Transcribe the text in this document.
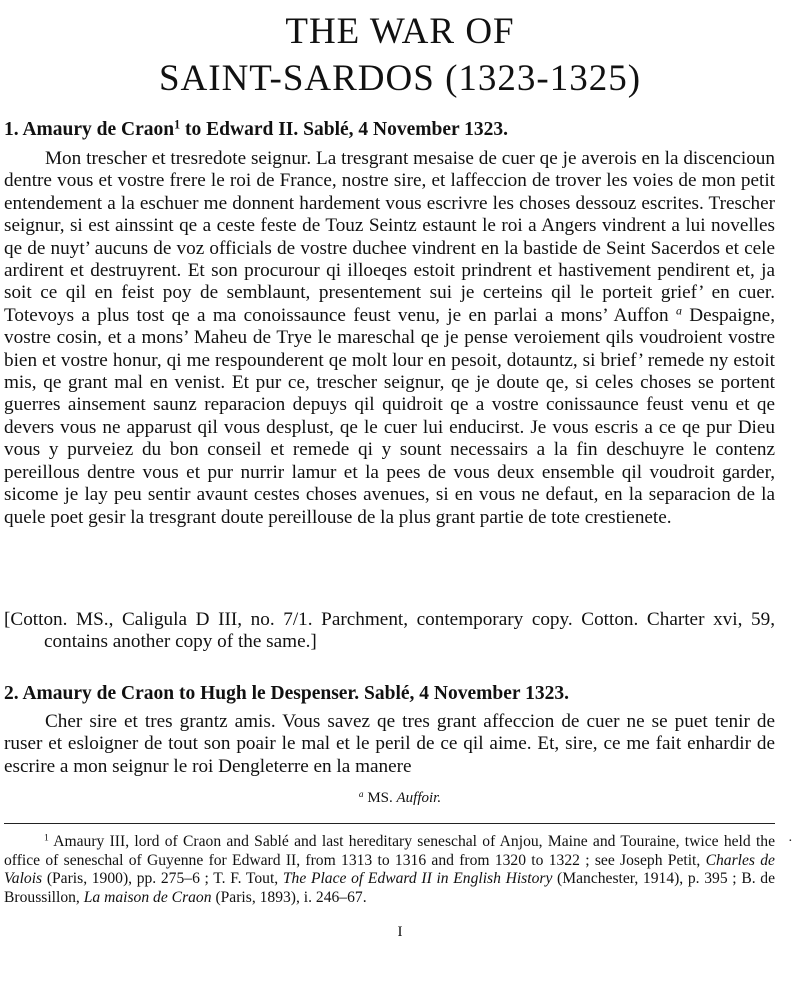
THE WAR OF
SAINT-SARDOS (1323-1325)
1. Amaury de Craon$^1$ to Edward II. Sablé, 4 November 1323.
Mon trescher et tresredote seignur. La tresgrant mesaise de cuer qe je averois en la discencioun dentre vous et vostre frere le roi de France, nostre sire, et laffeccion de trover les voies de mon petit entendement a la eschuer me donnent hardement vous escrivre les choses dessouz escrites. Trescher seignur, si est ainssint qe a ceste feste de Touz Seintz estaunt le roi a Angers vindrent a lui novelles qe de nuyt’ aucuns de voz officials de vostre duchee vindrent en la bastide de Seint Sacerdos et cele ardirent et destruyrent. Et son procurour qi illoeqes estoit prindrent et hastivement pendirent et, ja soit ce qil en feist poy de semblaunt, presentement sui je certeins qil le porteit grief’ en cuer. Totevoys a plus tost qe a ma conoissaunce feust venu, je en parlai a mons’ Auffon $^a$ Despaigne, vostre cosin, et a mons’ Maheu de Trye le mareschal qe je pense veroiement qils voudroient vostre bien et vostre honur, qi me respounderent qe molt lour en pesoit, dotauntz, si brief’ remede ny estoit mis, qe grant mal en venist. Et pur ce, trescher seignur, qe je doute qe, si celes choses se portent guerres ainsement saunz reparacion depuys qil quidroit qe a vostre conissaunce feust venu et qe devers vous ne apparust qil vous desplust, qe le cuer lui enducirst. Je vous escris a ce qe pur Dieu vous y purveiez du bon conseil et remede qi y sount necessairs a la fin deschuyre le contenz pereillous dentre vous et pur nurrir lamur et la pees de vous deux ensemble qil voudroit garder, sicome je lay peu sentir avaunt cestes choses avenues, si en vous ne defaut, en la separacion de la quele poet gesir la tresgrant doute pereillouse de la plus grant partie de tote crestienete.
[Cotton. MS., Caligula D III, no. 7/1. Parchment, contemporary copy. Cotton. Charter xvi, 59, contains another copy of the same.]
2. Amaury de Craon to Hugh le Despenser. Sablé, 4 November 1323.
Cher sire et tres grantz amis. Vous savez qe tres grant affeccion de cuer ne se puet tenir de ruser et esloigner de tout son poair le mal et le peril de ce qil aime. Et, sire, ce me fait enhardir de escrire a mon seignur le roi Dengleterre en la manere
$^a$ MS. Auffoir.
$^1$ Amaury III, lord of Craon and Sablé and last hereditary seneschal of Anjou, Maine and Touraine, twice held the office of seneschal of Guyenne for Edward II, from 1313 to 1316 and from 1320 to 1322 ; see Joseph Petit, Charles de Valois (Paris, 1900), pp. 275–6 ; T. F. Tout, The Place of Edward II in English History (Manchester, 1914), p. 395 ; B. de Broussillon, La maison de Craon (Paris, 1893), i. 246–67.
·
I
